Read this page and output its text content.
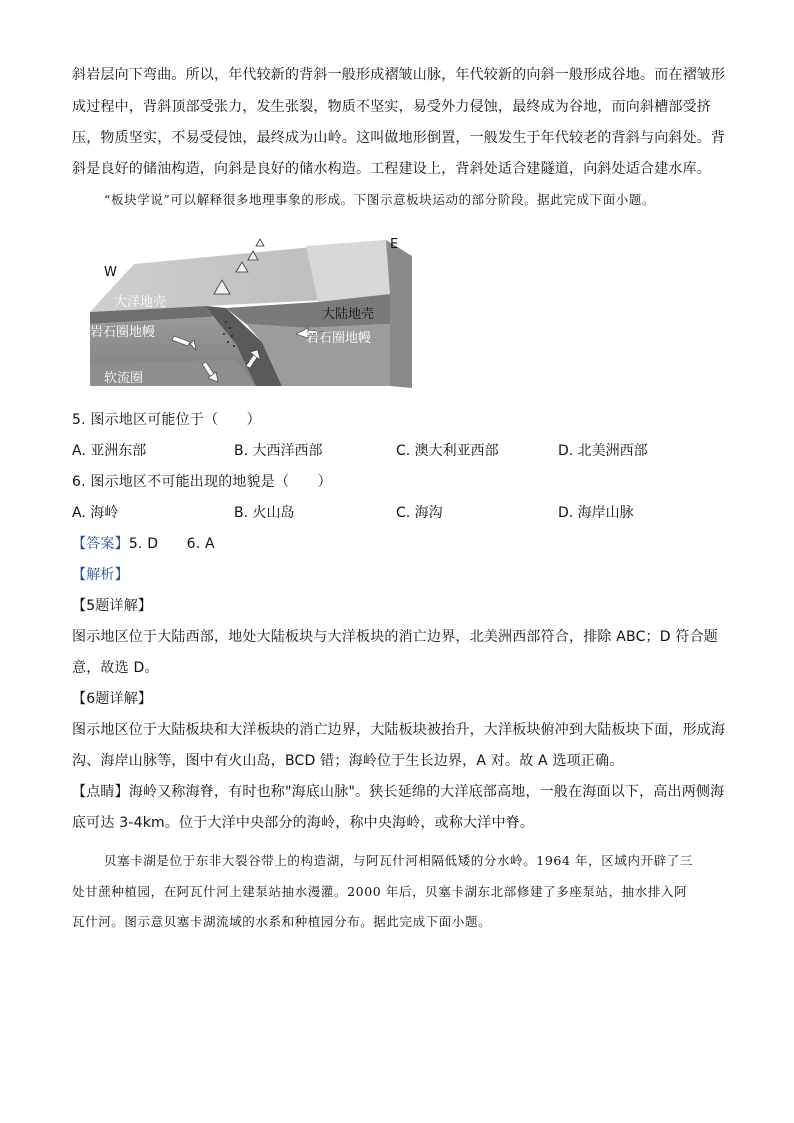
斜岩层向下弯曲。所以，年代较新的背斜一般形成褶皱山脉，年代较新的向斜一般形成谷地。而在褶皱形

成过程中，背斜顶部受张力，发生张裂，物质不坚实，易受外力侵蚀，最终成为谷地，而向斜槽部受挤

压，物质坚实，不易受侵蚀，最终成为山岭。这叫做地形倒置，一般发生于年代较老的背斜与向斜处。背

斜是良好的储油构造，向斜是良好的储水构造。工程建设上，背斜处适合建隧道，向斜处适合建水库。

“板块学说”可以解释很多地理事象的形成。下图示意板块运动的部分阶段。据此完成下面小题。

W
E
大洋地壳
大陆地壳
岩石圈地幔	岩石圈地幔
软流圈

5. 图示地区可能位于（　　）

A. 亚洲东部	B. 大西洋西部	C. 澳大利亚西部	D. 北美洲西部

6. 图示地区不可能出现的地貌是（　　）

A. 海岭	B. 火山岛	C. 海沟	D. 海岸山脉

【答案】5. D　　6. A

【解析】

【5题详解】

图示地区位于大陆西部，地处大陆板块与大洋板块的消亡边界，北美洲西部符合，排除 ABC；D 符合题

意，故选 D。

【6题详解】

图示地区位于大陆板块和大洋板块的消亡边界，大陆板块被抬升，大洋板块俯冲到大陆板块下面，形成海

沟、海岸山脉等，图中有火山岛，BCD 错；海岭位于生长边界，A 对。故 A 选项正确。

【点睛】海岭又称海脊，有时也称"海底山脉"。狭长延绵的大洋底部高地，一般在海面以下，高出两侧海

底可达 3-4km。位于大洋中央部分的海岭，称中央海岭，或称大洋中脊。

贝塞卡湖是位于东非大裂谷带上的构造湖，与阿瓦什河相隔低矮的分水岭。1964 年，区域内开辟了三

处甘蔗种植园，在阿瓦什河上建泵站抽水漫灌。2000 年后，贝塞卡湖东北部修建了多座泵站，抽水排入阿

瓦什河。图示意贝塞卡湖流域的水系和种植园分布。据此完成下面小题。
